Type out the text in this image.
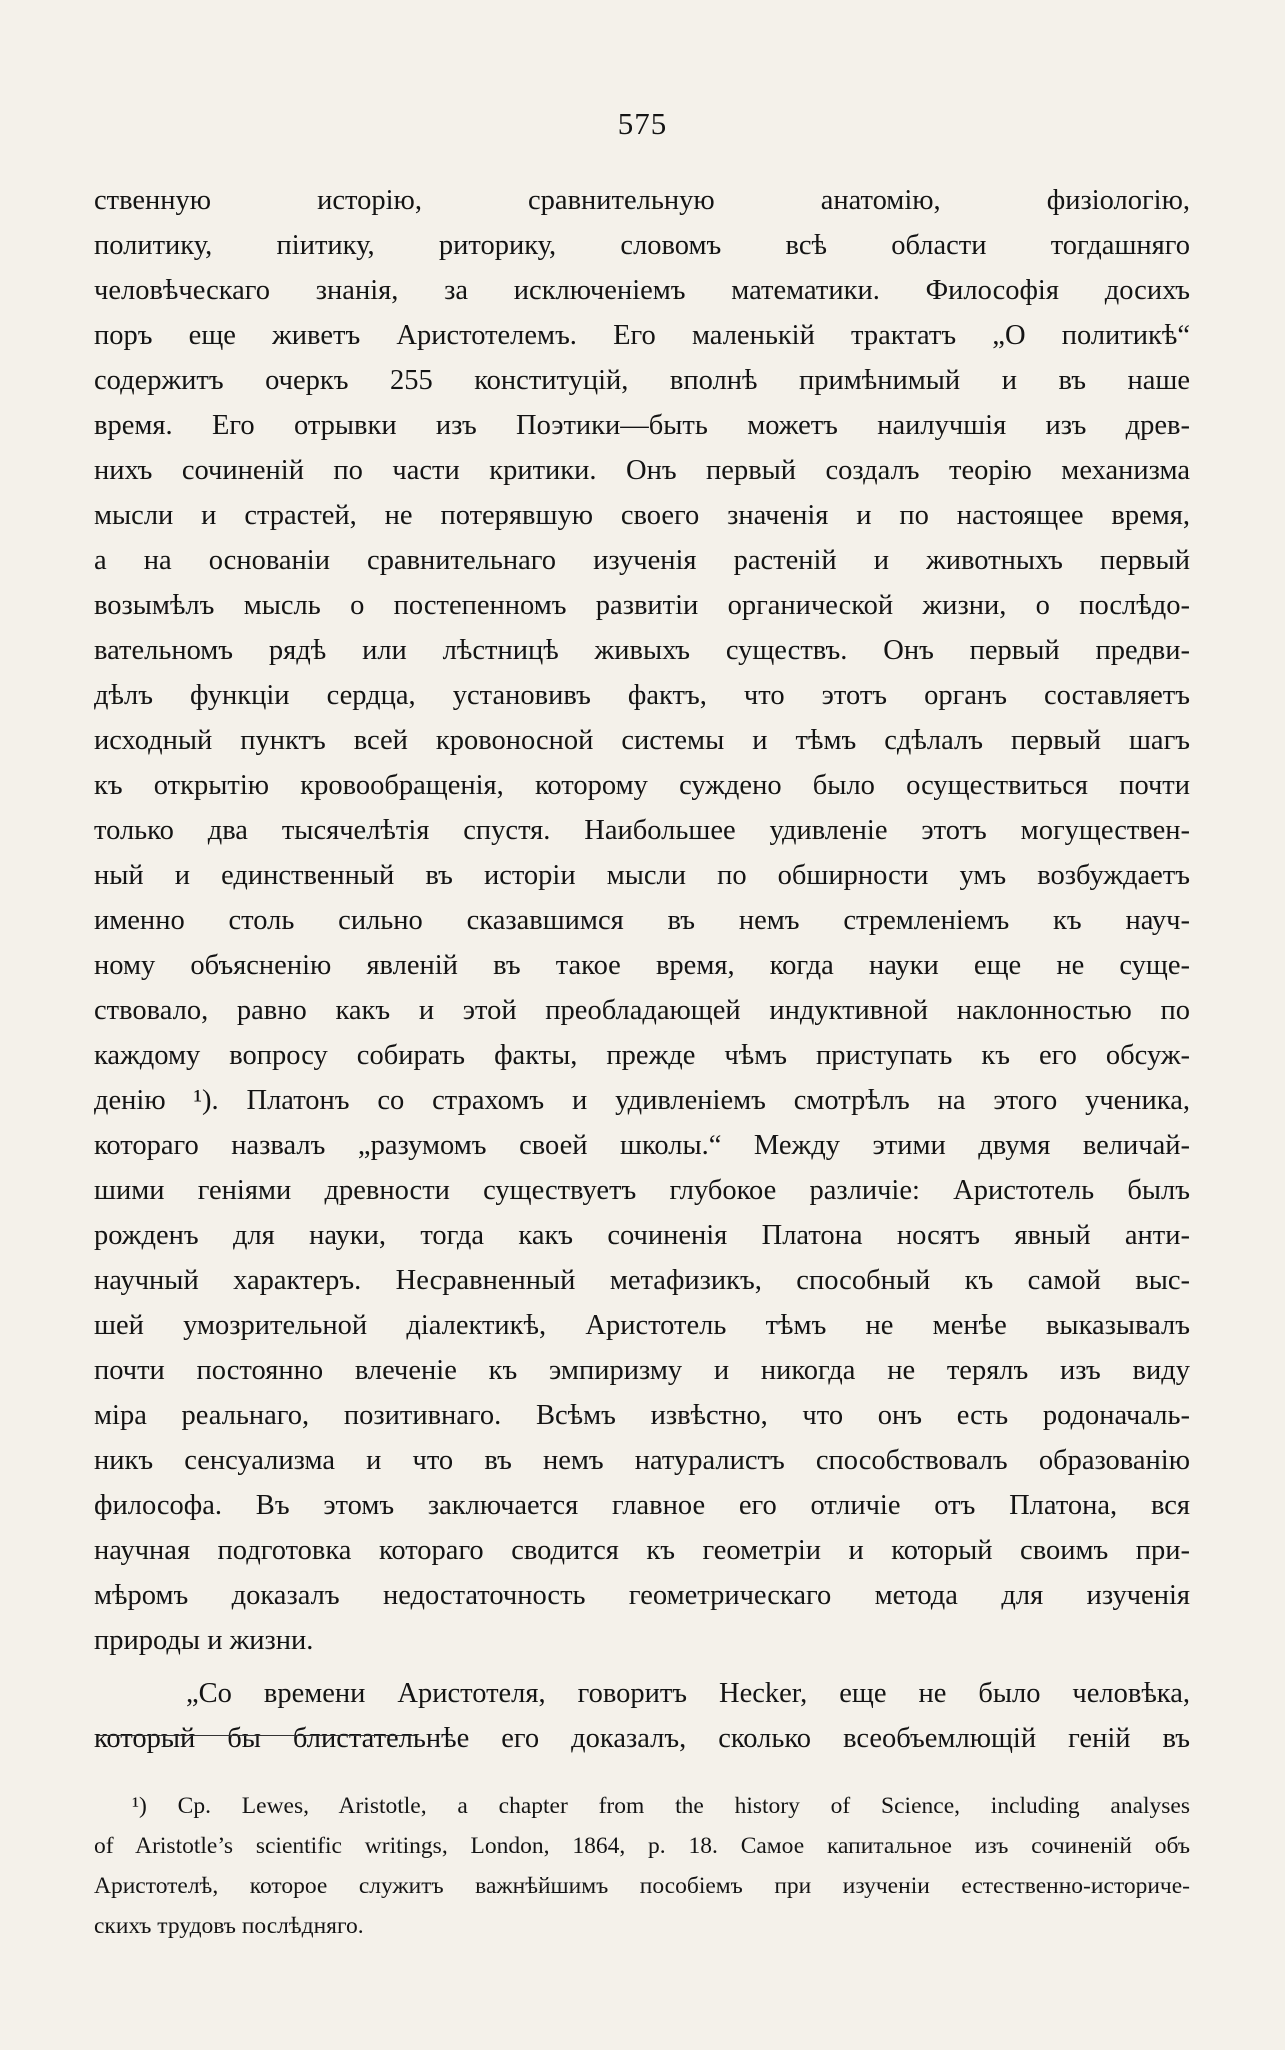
575
ственную исторію, сравнительную анатомію, физіологію,
политику, піитику, риторику, словомъ всѣ области тогдашняго
человѣческаго знанія, за исключеніемъ математики. Философія досихъ
поръ еще живетъ Аристотелемъ. Его маленькій трактатъ „О политикѣ“
содержитъ очеркъ 255 конституцій, вполнѣ примѣнимый и въ наше
время. Его отрывки изъ Поэтики—быть можетъ наилучшія изъ древ-
нихъ сочиненій по части критики. Онъ первый создалъ теорію механизма
мысли и страстей, не потерявшую своего значенія и по настоящее время,
а на основаніи сравнительнаго изученія растеній и животныхъ первый
возымѣлъ мысль о постепенномъ развитіи органической жизни, о послѣдо-
вательномъ рядѣ или лѣстницѣ живыхъ существъ. Онъ первый предви-
дѣлъ функціи сердца, установивъ фактъ, что этотъ органъ составляетъ
исходный пунктъ всей кровоносной системы и тѣмъ сдѣлалъ первый шагъ
къ открытію кровообращенія, которому суждено было осуществиться почти
только два тысячелѣтія спустя. Наибольшее удивленіе этотъ могуществен-
ный и единственный въ исторіи мысли по обширности умъ возбуждаетъ
именно столь сильно сказавшимся въ немъ стремленіемъ къ науч-
ному объясненію явленій въ такое время, когда науки еще не суще-
ствовало, равно какъ и этой преобладающей индуктивной наклонностью по
каждому вопросу собирать факты, прежде чѣмъ приступать къ его обсуж-
денію ¹). Платонъ со страхомъ и удивленіемъ смотрѣлъ на этого ученика,
котораго назвалъ „разумомъ своей школы.“ Между этими двумя величай-
шими геніями древности существуетъ глубокое различіе: Аристотель былъ
рожденъ для науки, тогда какъ сочиненія Платона носятъ явный анти-
научный характеръ. Несравненный метафизикъ, способный къ самой выс-
шей умозрительной діалектикѣ, Аристотель тѣмъ не менѣе выказывалъ
почти постоянно влеченіе къ эмпиризму и никогда не терялъ изъ виду
міра реальнаго, позитивнаго. Всѣмъ извѣстно, что онъ есть родоначаль-
никъ сенсуализма и что въ немъ натуралистъ способствовалъ образованію
философа. Въ этомъ заключается главное его отличіе отъ Платона, вся
научная подготовка котораго сводится къ геометріи и который своимъ при-
мѣромъ доказалъ недостаточность геометрическаго метода для изученія
природы и жизни.
„Со времени Аристотеля, говоритъ Hecker, еще не было человѣка,
который бы блистательнѣе его доказалъ, сколько всеобъемлющій геній въ
¹) Ср. Lewes, Aristotle, a chapter from the history of Science, including analyses
of Aristotle’s scientific writings, London, 1864, p. 18. Самое капитальное изъ сочиненій объ
Аристотелѣ, которое служитъ важнѣйшимъ пособіемъ при изученіи естественно-историче-
скихъ трудовъ послѣдняго.
